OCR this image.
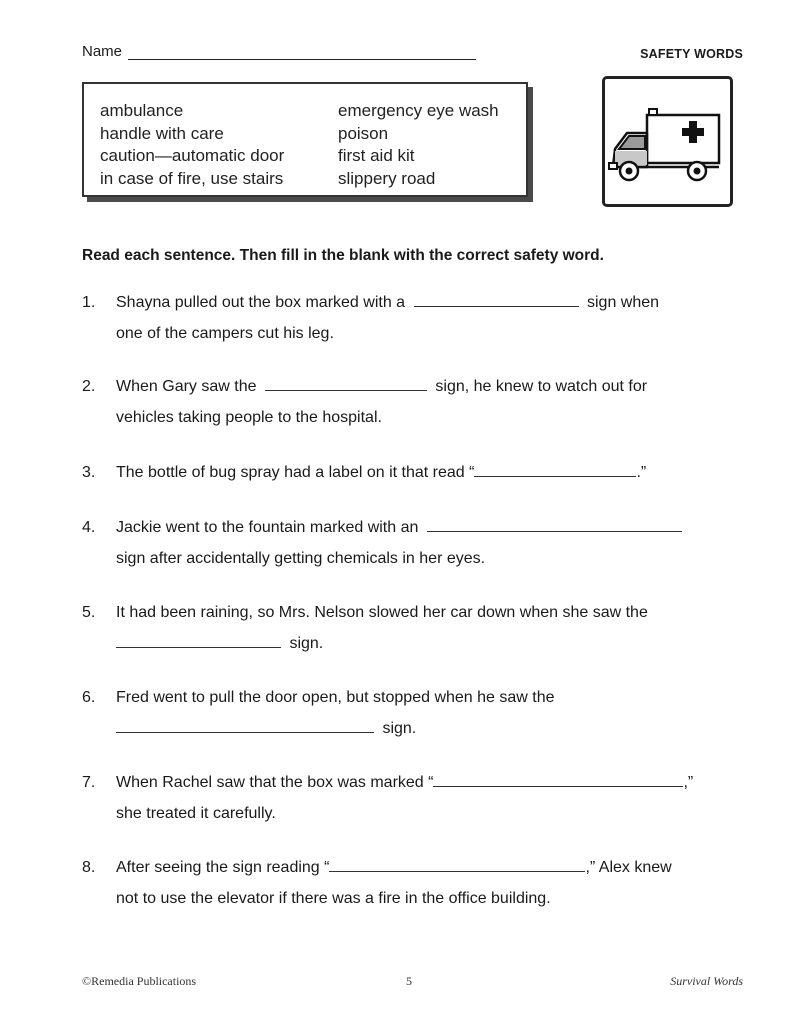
Name	SAFETY WORDS
ambulance
handle with care
caution—automatic door
in case of fire, use stairs
emergency eye wash
poison
first aid kit
slippery road
Read each sentence. Then fill in the blank with the correct safety word.
1.	Shayna pulled out the box marked with a	sign when
one of the campers cut his leg.
2.	When Gary saw the	sign, he knew to watch out for
vehicles taking people to the hospital.
3.	The bottle of bug spray had a label on it that read “	.”
4.	Jackie went to the fountain marked with an
sign after accidentally getting chemicals in her eyes.
5.	It had been raining, so Mrs. Nelson slowed her car down when she saw the
sign.
6.	Fred went to pull the door open, but stopped when he saw the
sign.
7.	When Rachel saw that the box was marked “	,”
she treated it carefully.
8.	After seeing the sign reading “	,” Alex knew
not to use the elevator if there was a fire in the office building.
©Remedia Publications	5	Survival Words
